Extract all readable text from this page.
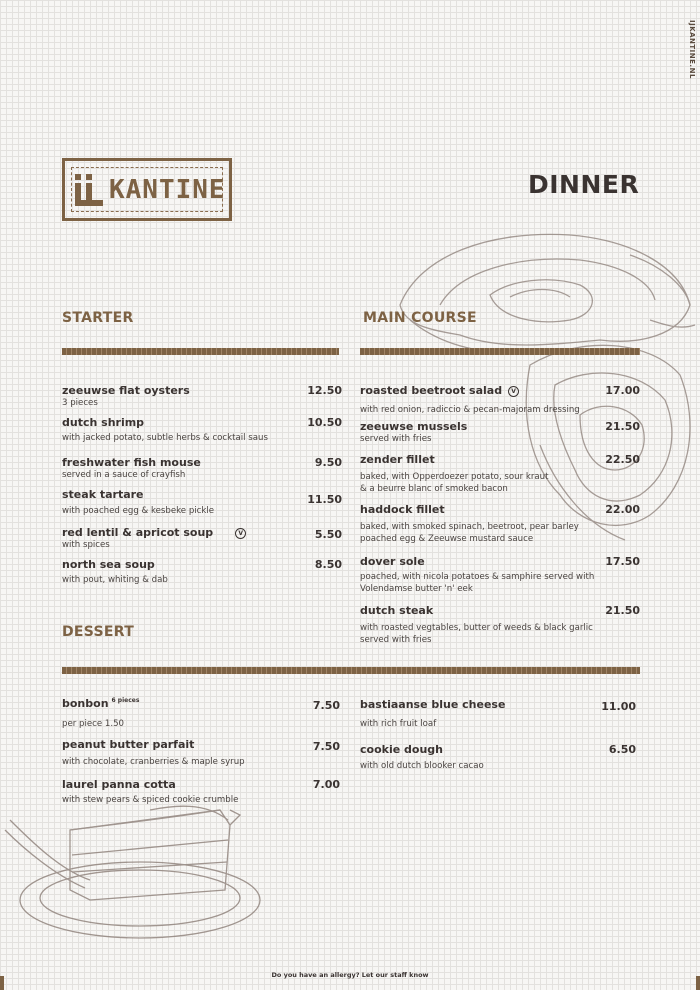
IJKANTINE.NL
KANTINE	DINNER
STARTER	MAIN COURSE
zeeuwse flat oysters	12.50
3 pieces
dutch shrimp	10.50
with jacked potato, subtle herbs & cocktail saus
freshwater fish mouse	9.50
served in a sauce of crayfish
steak tartare	11.50
with poached egg & kesbeke pickle
red lentil & apricot soup	V	5.50
with spices
north sea soup	8.50
with pout, whiting & dab
roasted beetroot salad V	17.00
with red onion, radiccio & pecan-majoram dressing
zeeuwse mussels	21.50
served with fries
zender fillet	22.50
baked, with Opperdoezer potato, sour kraut
& a beurre blanc of smoked bacon
haddock fillet	22.00
baked, with smoked spinach, beetroot, pear barley
poached egg & Zeeuwse mustard sauce
dover sole	17.50
poached, with nicola potatoes & samphire served with
Volendamse butter 'n' eek
dutch steak	21.50
with roasted vegtables, butter of weeds & black garlic
served with fries
DESSERT
bonbon $^{6 pieces}$	7.50
per piece 1.50
peanut butter parfait	7.50
with chocolate, cranberries & maple syrup
laurel panna cotta	7.00
with stew pears & spiced cookie crumble
bastiaanse blue cheese	11.00
with rich fruit loaf
cookie dough	6.50
with old dutch blooker cacao
Do you have an allergy? Let our staff know
